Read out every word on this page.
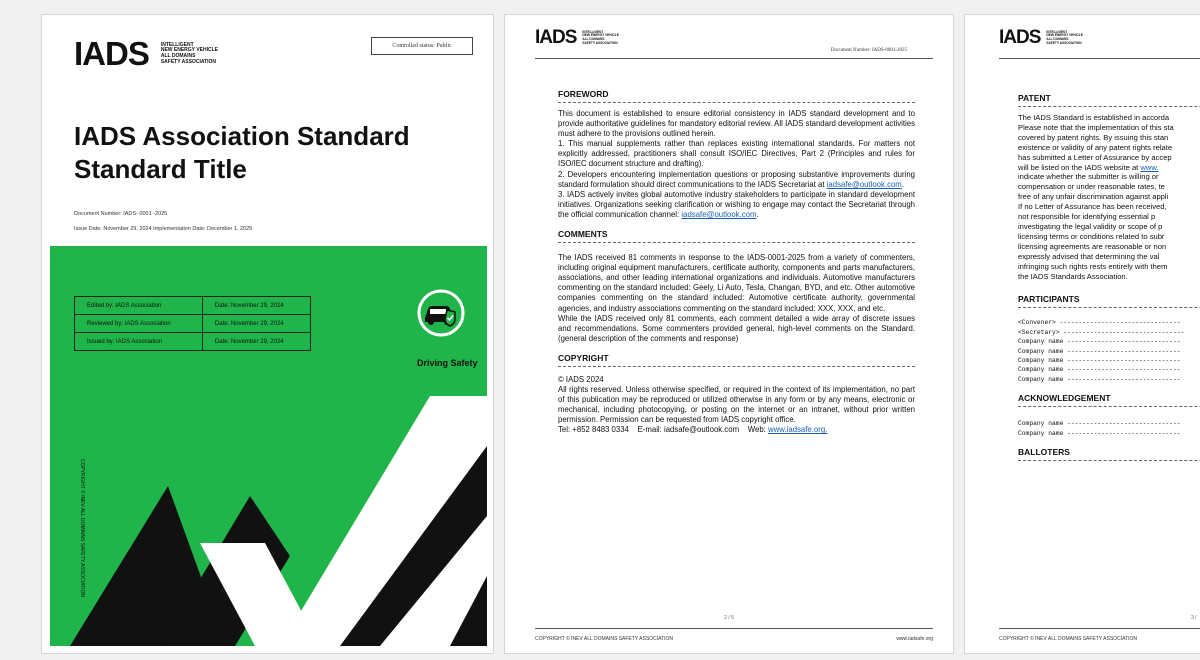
IADS INTELLIGENT
NEW ENERGY VEHICLE
ALL DOMAINS
SAFETY ASSOCIATION
Controlled status: Public
IADS Association Standard
Standard Title
Document Number: IADS- 0001 -2025
Issue Date: November 29, 2024 Implementation Date: December 1, 2025
Edited by: IADS Association	Date: November 29, 2024
Reviewed by: IADS Association	Date: November 29, 2024
Issued by: IADS Association	Date: November 29, 2024
Driving Safety
COPYRIGHT © INEV ALL DOMAINS SAFETY ASSOCIATION
IADS INTELLIGENT
NEW ENERGY VEHICLE
ALL DOMAINS
SAFETY ASSOCIATION
Document Number: IADS-0001-2025
FOREWORD

This document is established to ensure editorial consistency in IADS standard development and to provide authoritative guidelines for mandatory editorial review. All IADS standard development activities must adhere to the provisions outlined herein.

1. This manual supplements rather than replaces existing international standards. For matters not explicitly addressed, practitioners shall consult ISO/IEC Directives, Part 2 (Principles and rules for ISO/IEC document structure and drafting).

2. Developers encountering implementation questions or proposing substantive improvements during standard formulation should direct communications to the IADS Secretariat at iadsafe@outlook.com.

3. IADS actively invites global automotive industry stakeholders to participate in standard development initiatives. Organizations seeking clarification or wishing to engage may contact the Secretariat through the official communication channel: iadsafe@outlook.com.

COMMENTS

The IADS received 81 comments in response to the IADS-0001-2025 from a variety of commenters, including original equipment manufacturers, certificate authority, components and parts manufacturers, associations, and other leading international organizations and individuals. Automotive manufacturers commenting on the standard included: Geely, Li Auto, Tesla, Changan, BYD, and etc. Other automotive companies commenting on the standard included: Automotive certificate authority, governmental agencies, and industry associations commenting on the standard included: XXX, XXX, and etc.

While the IADS received only 81 comments, each comment detailed a wide array of discrete issues and recommendations. Some commenters provided general, high-level comments on the Standard. (general description of the comments and response)

COPYRIGHT

© IADS 2024

All rights reserved. Unless otherwise specified, or required in the context of its implementation, no part of this publication may be reproduced or utilized otherwise in any form or by any means, electronic or mechanical, including photocopying, or posting on the internet or an intranet, without prior written permission. Permission can be requested from IADS copyright office.

Tel: +852 8483 0334 E-mail: iadsafe@outlook.com Web: www.iadsafe.org.

2 / 5
COPYRIGHT © INEV ALL DOMAINS SAFETY ASSOCIATION	www.iadsafe.org
IADS INTELLIGENT
NEW ENERGY VEHICLE
ALL DOMAINS
SAFETY ASSOCIATION
PATENT
The IADS Standard is established in accorda
Please note that the implementation of this sta
covered by patent rights. By issuing this stan
existence or validity of any patent rights relate
has submitted a Letter of Assurance by accep
will be listed on the IADS website at www.
indicate whether the submitter is willing or
compensation or under reasonable rates, te
free of any unfair discrimination against appli
If no Letter of Assurance has been received,
not responsible for identifying essential p
investigating the legal validity or scope of p
licensing terms or conditions related to subr
licensing agreements are reasonable or non
expressly advised that determining the val
infringing such rights rests entirely with them
the IADS Standards Association.
PARTICIPANTS
<Convener> --------------------------------
<Secretary> --------------------------------
Company name ------------------------------
Company name ------------------------------
Company name ------------------------------
Company name ------------------------------
Company name ------------------------------
ACKNOWLEDGEMENT
Company name ------------------------------
Company name ------------------------------
BALLOTERS
3 /
COPYRIGHT © INEV ALL DOMAINS SAFETY ASSOCIATION
